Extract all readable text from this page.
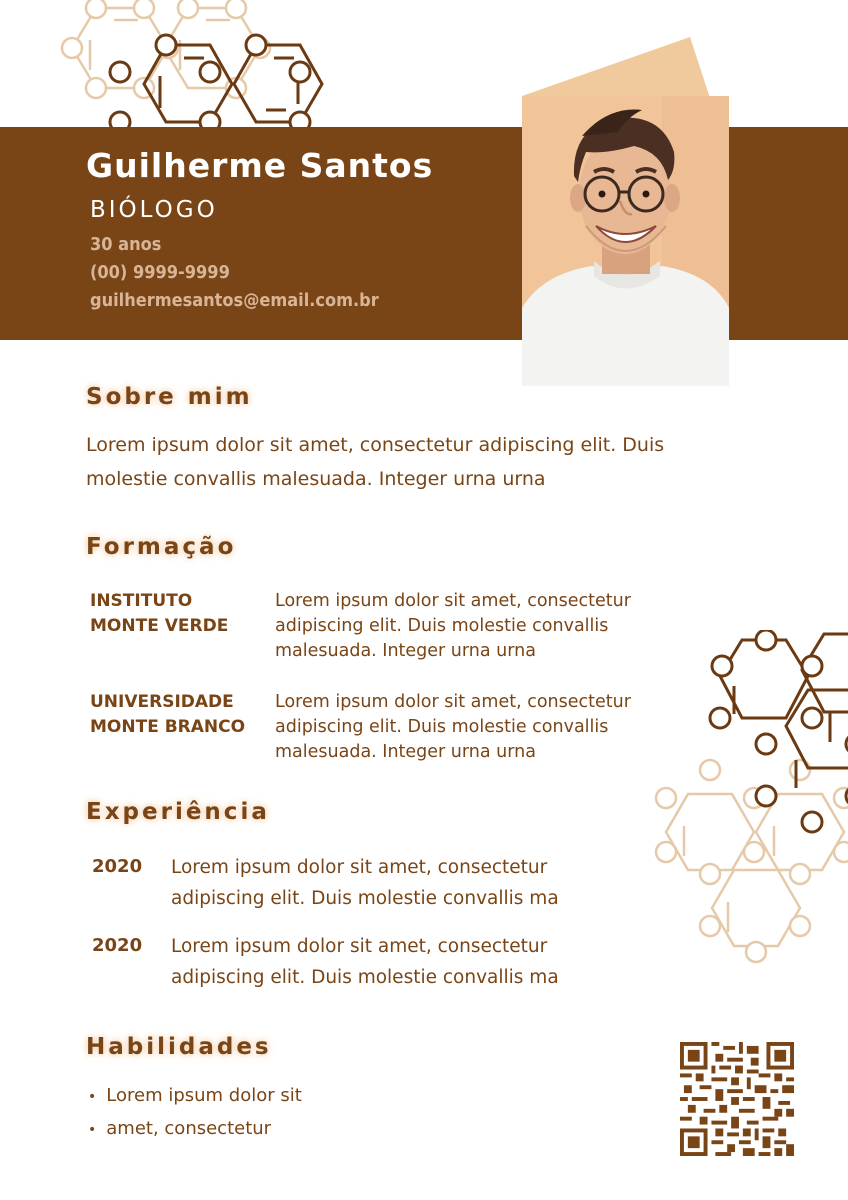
Guilherme Santos
BIÓLOGO
30 anos
(00) 9999-9999
guilhermesantos@email.com.br
Sobre mim
Lorem ipsum dolor sit amet, consectetur adipiscing elit. Duis molestie convallis malesuada. Integer urna urna
Formação
INSTITUTO
MONTE VERDE
Lorem ipsum dolor sit amet, consectetur adipiscing elit. Duis molestie convallis malesuada. Integer urna urna
UNIVERSIDADE
MONTE BRANCO
Lorem ipsum dolor sit amet, consectetur adipiscing elit. Duis molestie convallis malesuada. Integer urna urna
Experiência
2020 Lorem ipsum dolor sit amet, consectetur adipiscing elit. Duis molestie convallis ma
2020 Lorem ipsum dolor sit amet, consectetur adipiscing elit. Duis molestie convallis ma
Habilidades
• Lorem ipsum dolor sit
• amet, consectetur
